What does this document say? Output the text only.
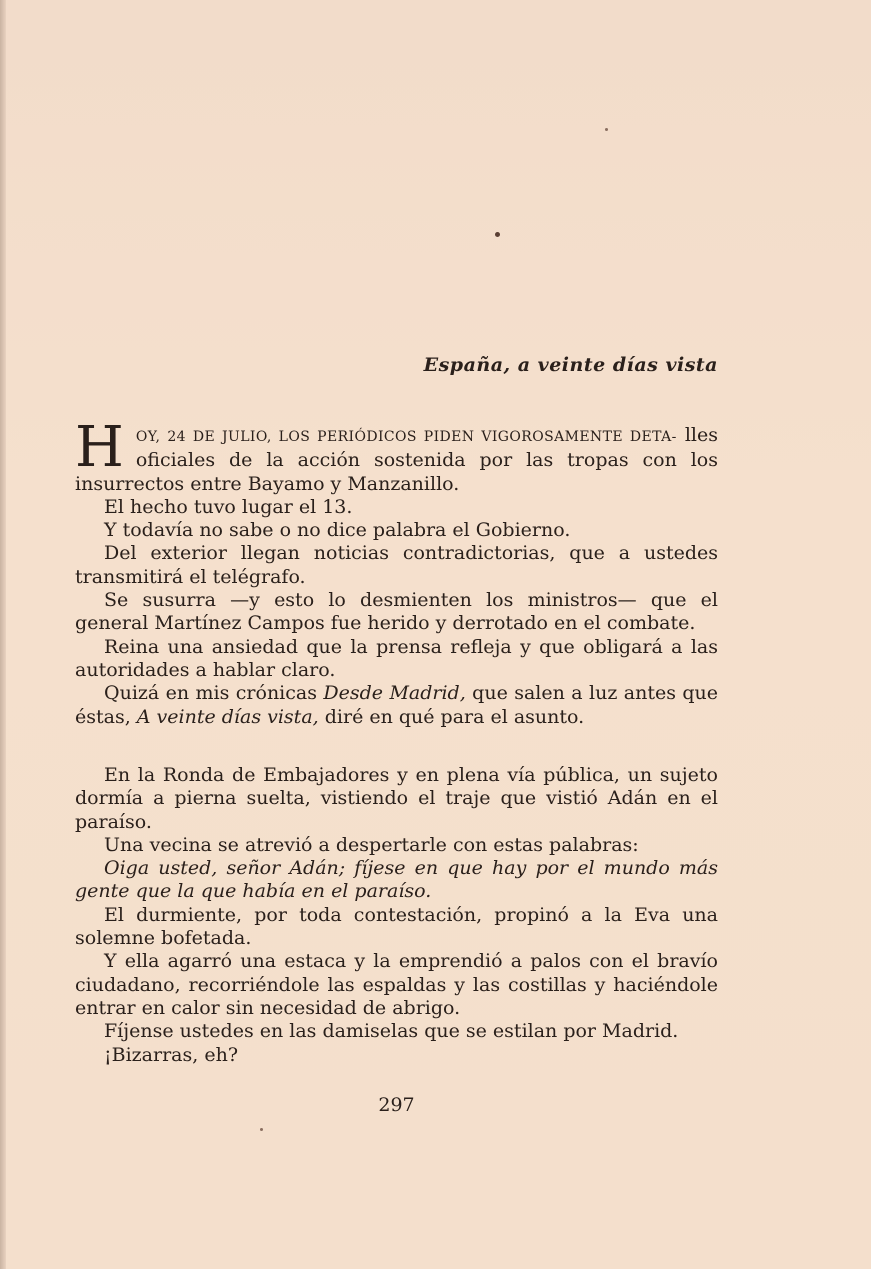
España, a veinte días vista

H OY, 24 DE JULIO, LOS PERIÓDICOS PIDEN VIGOROSAMENTE DETA- lles oficiales de la acción sostenida por las tropas con los insurrectos entre Bayamo y Manzanillo.

El hecho tuvo lugar el 13.

Y todavía no sabe o no dice palabra el Gobierno.

Del exterior llegan noticias contradictorias, que a ustedes transmitirá el telégrafo.

Se susurra —y esto lo desmienten los ministros— que el general Martínez Campos fue herido y derrotado en el combate.

Reina una ansiedad que la prensa refleja y que obligará a las autoridades a hablar claro.

Quizá en mis crónicas Desde Madrid, que salen a luz antes que éstas, A veinte días vista, diré en qué para el asunto.

En la Ronda de Embajadores y en plena vía pública, un sujeto dormía a pierna suelta, vistiendo el traje que vistió Adán en el paraíso.

Una vecina se atrevió a despertarle con estas palabras:

Oiga usted, señor Adán; fíjese en que hay por el mundo más gente que la que había en el paraíso.

El durmiente, por toda contestación, propinó a la Eva una solemne bofetada.

Y ella agarró una estaca y la emprendió a palos con el bravío ciudadano, recorriéndole las espaldas y las costillas y haciéndole entrar en calor sin necesidad de abrigo.

Fíjense ustedes en las damiselas que se estilan por Madrid.

¡Bizarras, eh?

297
